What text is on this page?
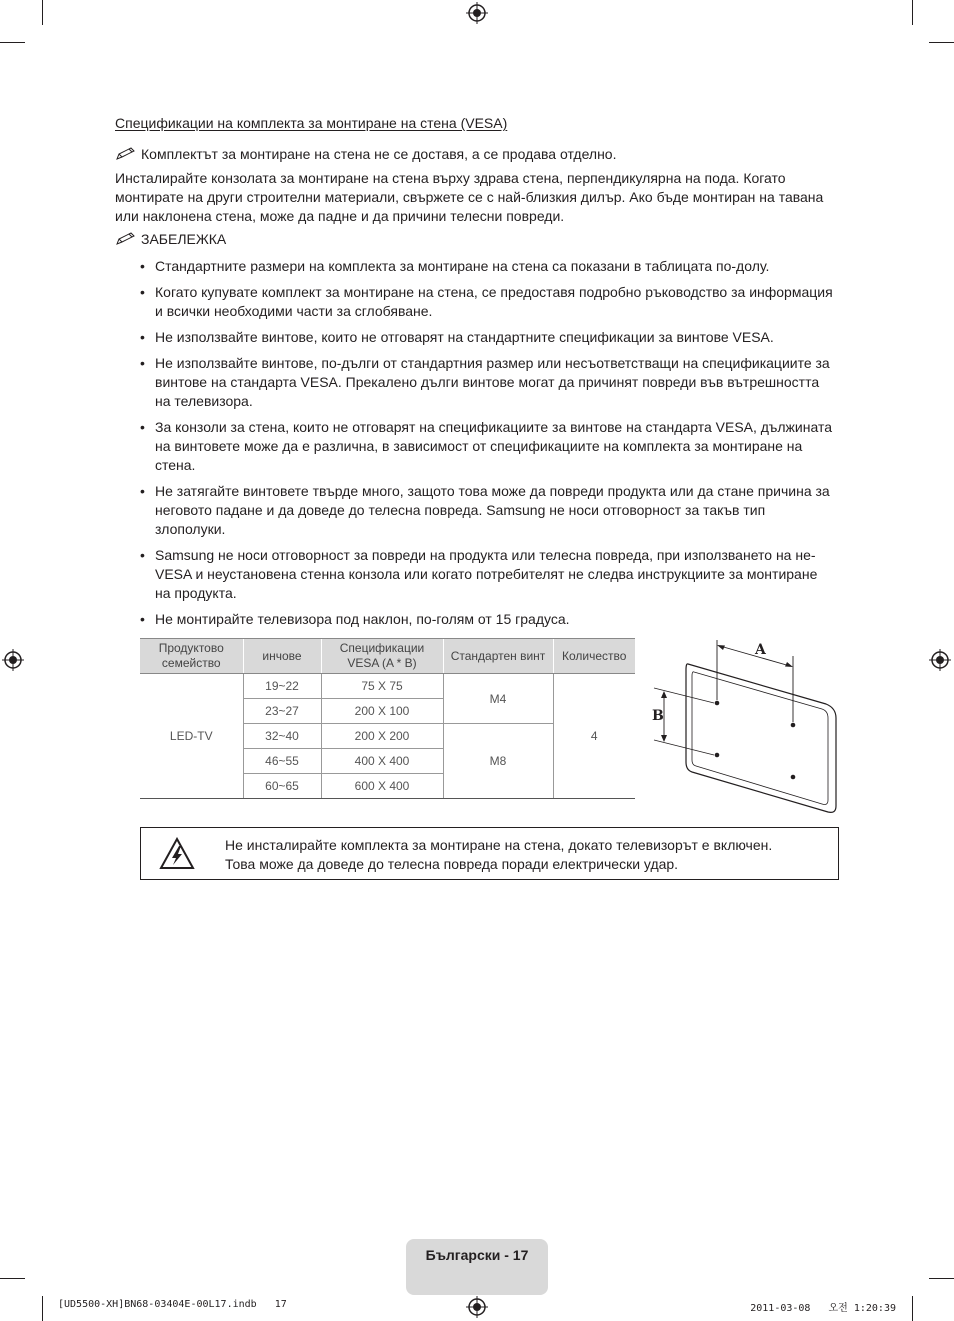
Спецификации на комплекта за монтиране на стена (VESA)
Комплектът за монтиране на стена не се доставя, а се продава отделно.
Инсталирайте конзолата за монтиране на стена върху здрава стена, перпендикулярна на пода. Когато монтирате на други строителни материали, свържете се с най-близкия дилър. Ако бъде монтиран на тавана или наклонена стена, може да падне и да причини телесни повреди.
ЗАБЕЛЕЖКА
• Стандартните размери на комплекта за монтиране на стена са показани в таблицата по-долу.
• Когато купувате комплект за монтиране на стена, се предоставя подробно ръководство за информация и всички необходими части за сглобяване.
• Не използвайте винтове, които не отговарят на стандартните спецификации за винтове VESA.
• Не използвайте винтове, по-дълги от стандартния размер или несъответстващи на спецификациите за винтове на стандарта VESA. Прекалено дълги винтове могат да причинят повреди във вътрешността на телевизора.
• За конзоли за стена, които не отговарят на спецификациите за винтове на стандарта VESA, дължината на винтовете може да е различна, в зависимост от спецификациите на комплекта за монтиране на стена.
• Не затягайте винтовете твърде много, защото това може да повреди продукта или да стане причина за неговото падане и да доведе до телесна повреда. Samsung не носи отговорност за такъв тип злополуки.
• Samsung не носи отговорност за повреди на продукта или телесна повреда, при използването на не-VESA и неустановена стенна конзола или когато потребителят не следва инструкциите за монтиране на продукта.
• Не монтирайте телевизора под наклон, по-голям от 15 градуса.
Продуктово семейство	инчове	Спецификации VESA (A * B)	Стандартен винт	Количество
LED-TV	19~22	75 X 75	M4	4
	23~27	200 X 100		
	32~40	200 X 200	M8	
	46~55	400 X 400		
	60~65	600 X 400		
A
B
Не инсталирайте комплекта за монтиране на стена, докато телевизорът е включен.
Това може да доведе до телесна повреда поради електрически удар.
Български - 17
[UD5500-XH]BN68-03404E-00L17.indb   17	2011-03-08   오전 1:20:39
